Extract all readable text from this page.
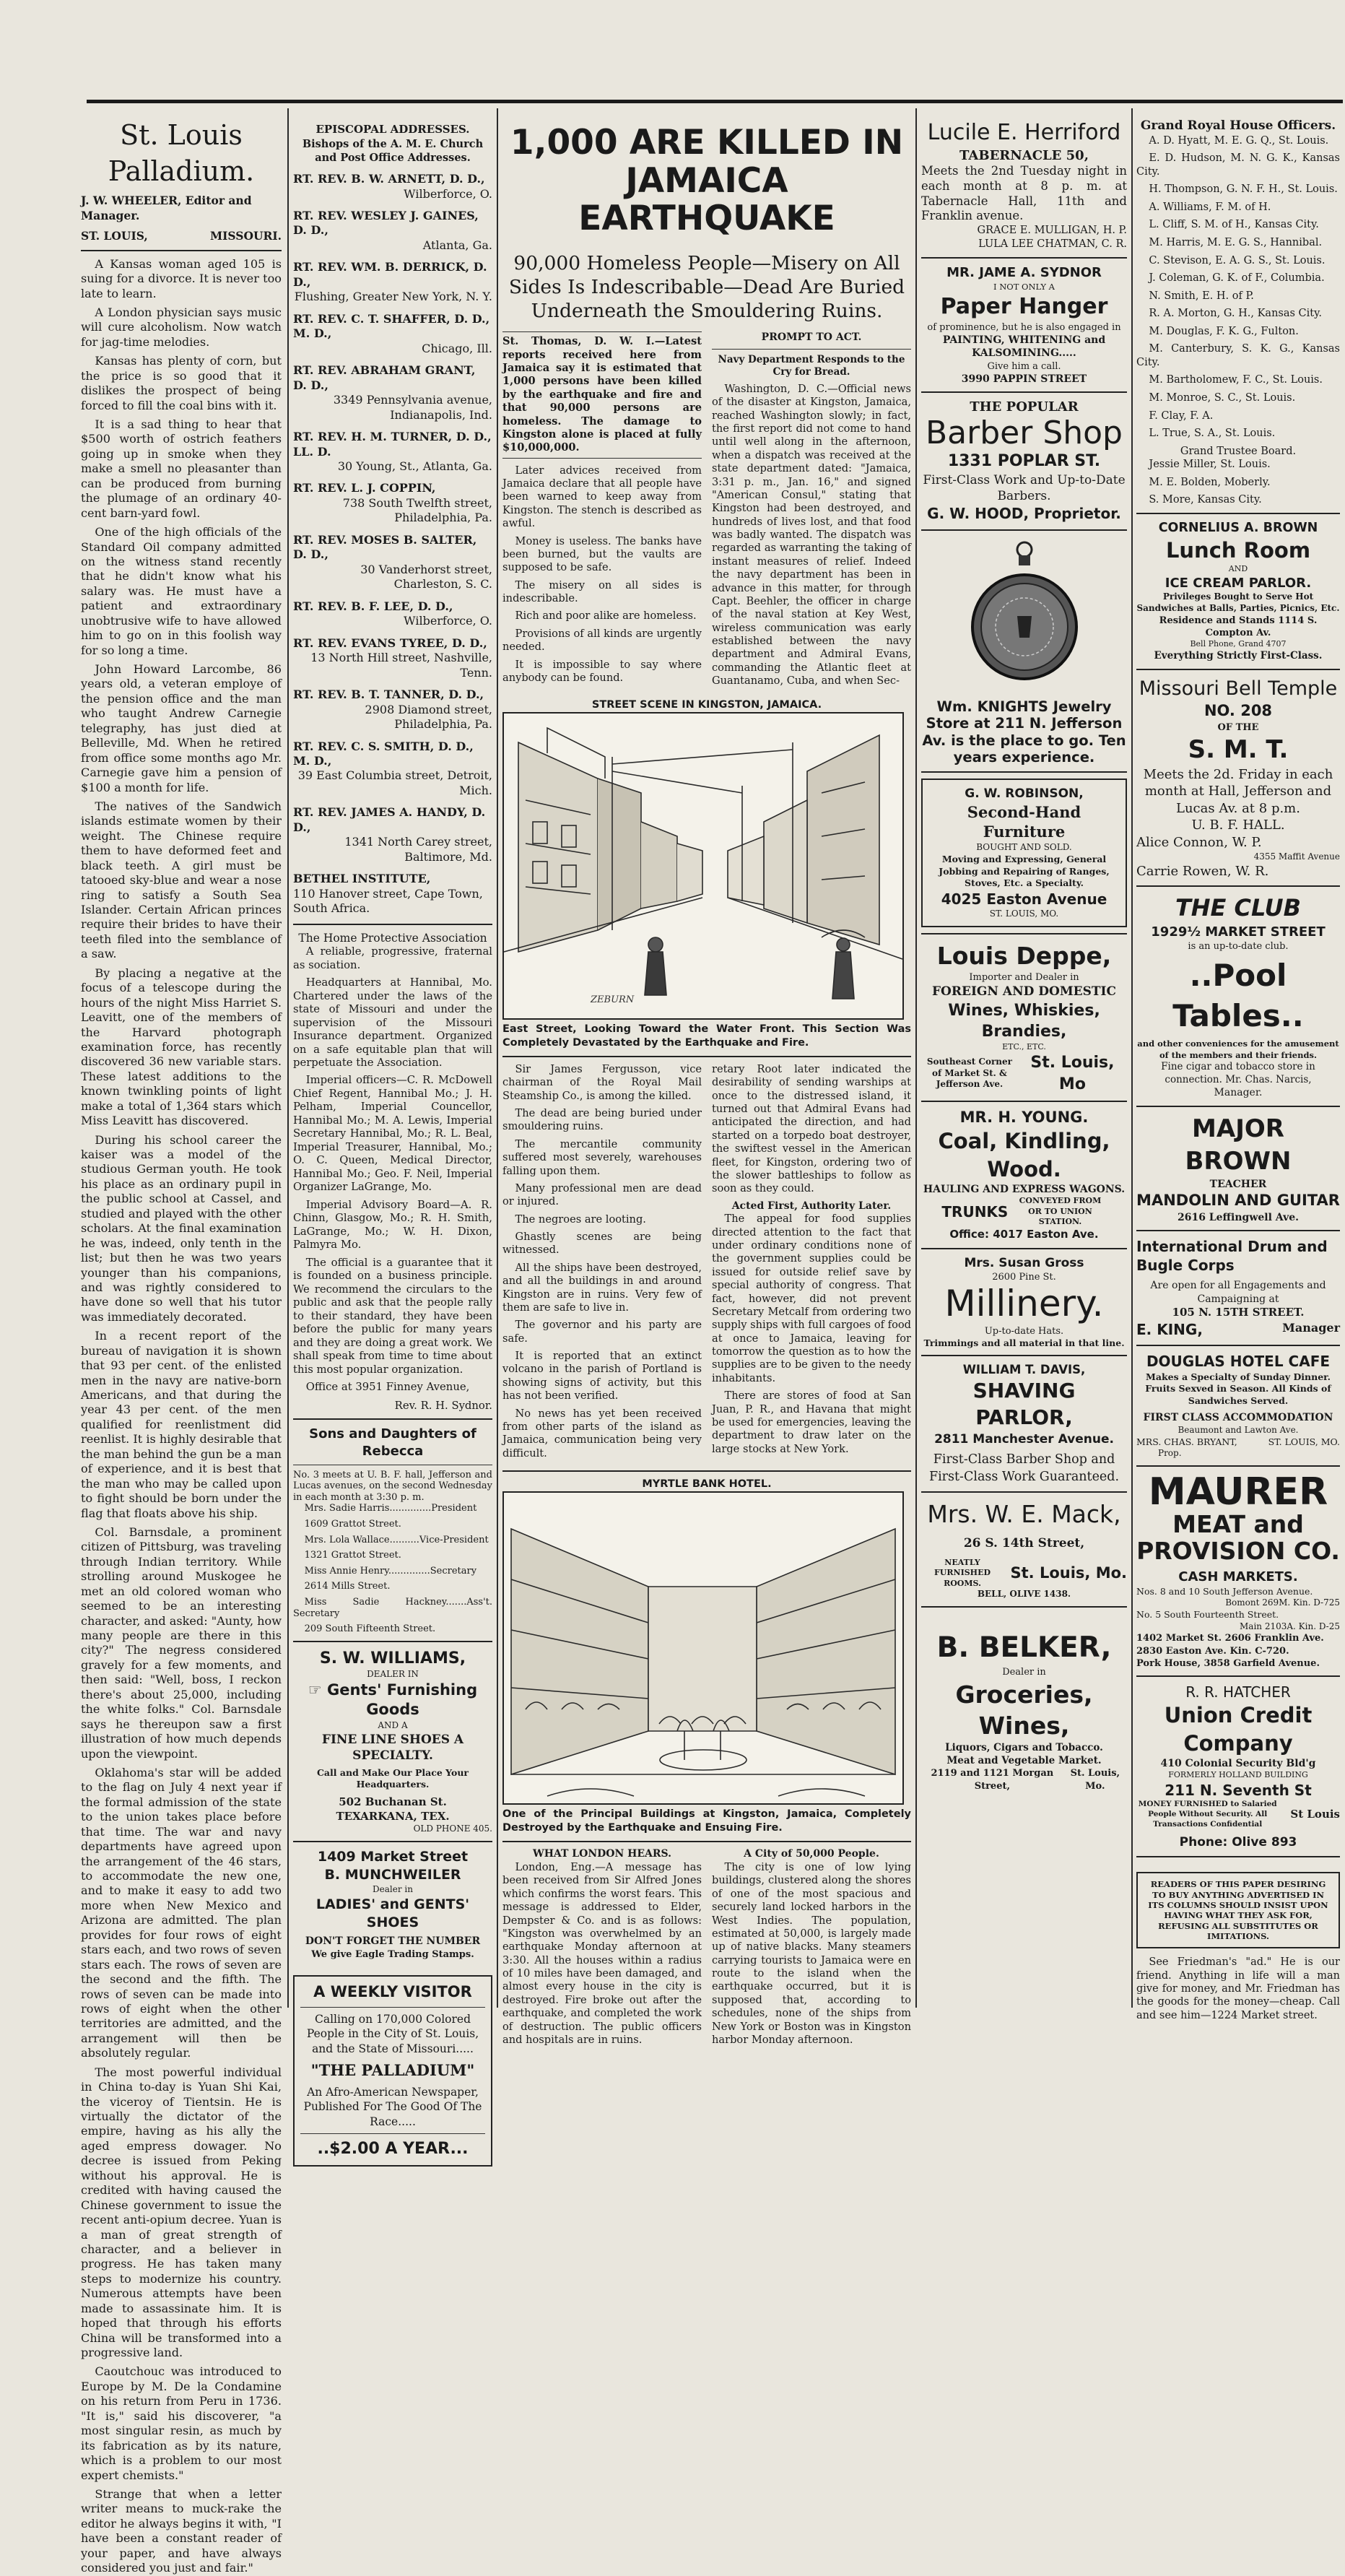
St. Louis Palladium.
J. W. WHEELER, Editor and Manager.
ST. LOUIS,	MISSOURI.
A Kansas woman aged 105 is suing for a divorce. It is never too late to learn.
A London physician says music will cure alcoholism. Now watch for jag-time melodies.
Kansas has plenty of corn, but the price is so good that it dislikes the prospect of being forced to fill the coal bins with it.
It is a sad thing to hear that $500 worth of ostrich feathers going up in smoke when they make a smell no pleasanter than can be produced from burning the plumage of an ordinary 40-cent barn-yard fowl.
One of the high officials of the Standard Oil company admitted on the witness stand recently that he didn't know what his salary was. He must have a patient and extraordinary unobtrusive wife to have allowed him to go on in this foolish way for so long a time.
John Howard Larcombe, 86 years old, a veteran employe of the pension office and the man who taught Andrew Carnegie telegraphy, has just died at Belleville, Md. When he retired from office some months ago Mr. Carnegie gave him a pension of $100 a month for life.
The natives of the Sandwich islands estimate women by their weight. The Chinese require them to have deformed feet and black teeth. A girl must be tatooed sky-blue and wear a nose ring to satisfy a South Sea Islander. Certain African princes require their brides to have their teeth filed into the semblance of a saw.
By placing a negative at the focus of a telescope during the hours of the night Miss Harriet S. Leavitt, one of the members of the Harvard photograph examination force, has recently discovered 36 new variable stars. These latest additions to the known twinkling points of light make a total of 1,364 stars which Miss Leavitt has discovered.
During his school career the kaiser was a model of the studious German youth. He took his place as an ordinary pupil in the public school at Cassel, and studied and played with the other scholars. At the final examination he was, indeed, only tenth in the list; but then he was two years younger than his companions, and was rightly considered to have done so well that his tutor was immediately decorated.
In a recent report of the bureau of navigation it is shown that 93 per cent. of the enlisted men in the navy are native-born Americans, and that during the year 43 per cent. of the men qualified for reenlistment did reenlist. It is highly desirable that the man behind the gun be a man of experience, and it is best that the man who may be called upon to fight should be born under the flag that floats above his ship.
Col. Barnsdale, a prominent citizen of Pittsburg, was traveling through Indian territory. While strolling around Muskogee he met an old colored woman who seemed to be an interesting character, and asked: "Aunty, how many people are there in this city?" The negress considered gravely for a few moments, and then said: "Well, boss, I reckon there's about 25,000, including the white folks." Col. Barnsdale says he thereupon saw a first illustration of how much depends upon the viewpoint.
Oklahoma's star will be added to the flag on July 4 next year if the formal admission of the state to the union takes place before that time. The war and navy departments have agreed upon the arrangement of the 46 stars, to accommodate the new one, and to make it easy to add two more when New Mexico and Arizona are admitted. The plan provides for four rows of eight stars each, and two rows of seven stars each. The rows of seven are the second and the fifth. The rows of seven can be made into rows of eight when the other territories are admitted, and the arrangement will then be absolutely regular.
The most powerful individual in China to-day is Yuan Shi Kai, the viceroy of Tientsin. He is virtually the dictator of the empire, having as his ally the aged empress dowager. No decree is issued from Peking without his approval. He is credited with having caused the Chinese government to issue the recent anti-opium decree. Yuan is a man of great strength of character, and a believer in progress. He has taken many steps to modernize his country. Numerous attempts have been made to assassinate him. It is hoped that through his efforts China will be transformed into a progressive land.
Caoutchouc was introduced to Europe by M. De la Condamine on his return from Peru in 1736. "It is," said his discoverer, "a most singular resin, as much by its fabrication as by its nature, which is a problem to our most expert chemists."
Strange that when a letter writer means to muck-rake the editor he always begins it with, "I have been a constant reader of your paper, and have always considered you just and fair."
EPISCOPAL ADDRESSES.
Bishops of the A. M. E. Church and Post Office Addresses.
RT. REV. B. W. ARNETT, D. D.,
Wilberforce, O.
RT. REV. WESLEY J. GAINES, D. D.,
Atlanta, Ga.
RT. REV. WM. B. DERRICK, D. D.,
Flushing, Greater New York, N. Y.
RT. REV. C. T. SHAFFER, D. D., M. D.,
Chicago, Ill.
RT. REV. ABRAHAM GRANT, D. D.,
3349 Pennsylvania avenue, Indianapolis, Ind.
RT. REV. H. M. TURNER, D. D., LL. D.
30 Young, St., Atlanta, Ga.
RT. REV. L. J. COPPIN,
738 South Twelfth street, Philadelphia, Pa.
RT. REV. MOSES B. SALTER, D. D.,
30 Vanderhorst street, Charleston, S. C.
RT. REV. B. F. LEE, D. D.,
Wilberforce, O.
RT. REV. EVANS TYREE, D. D.,
13 North Hill street, Nashville, Tenn.
RT. REV. B. T. TANNER, D. D.,
2908 Diamond street, Philadelphia, Pa.
RT. REV. C. S. SMITH, D. D., M. D.,
39 East Columbia street, Detroit, Mich.
RT. REV. JAMES A. HANDY, D. D.,
1341 North Carey street, Baltimore, Md.
BETHEL INSTITUTE,
110 Hanover street, Cape Town, South Africa.
The Home Protective Association
A reliable, progressive, fraternal as sociation.
Headquarters at Hannibal, Mo. Chartered under the laws of the state of Missouri and under the supervision of the Missouri Insurance department. Organized on a safe equitable plan that will perpetuate the Association.
Imperial officers—C. R. McDowell Chief Regent, Hannibal Mo.; J. H. Pelham, Imperial Councellor, Hannibal Mo.; M. A. Lewis, Imperial Secretary Hannibal, Mo.; R. L. Beal, Imperial Treasurer, Hannibal, Mo.; O. C. Queen, Medical Director, Hannibal Mo.; Geo. F. Neil, Imperial Organizer LaGrange, Mo.
Imperial Advisory Board—A. R. Chinn, Glasgow, Mo.; R. H. Smith, LaGrange, Mo.; W. H. Dixon, Palmyra Mo.
The official is a guarantee that it is founded on a business principle. We recommend the circulars to the public and ask that the people rally to their standard, they have been before the public for many years and they are doing a great work. We shall speak from time to time about this most popular organization.
Office at 3951 Finney Avenue,
Rev. R. H. Sydnor.
Sons and Daughters of Rebecca
No. 3 meets at U. B. F. hall, Jefferson and Lucas avenues, on the second Wednesday in each month at 3:30 p. m.
Mrs. Sadie Harris..............President
1609 Grattot Street.
Mrs. Lola Wallace..........Vice-President
1321 Grattot Street.
Miss Annie Henry..............Secretary
2614 Mills Street.
Miss Sadie Hackney.......Ass't. Secretary
209 South Fifteenth Street.
S. W. WILLIAMS,
DEALER IN
☞ Gents' Furnishing Goods
AND A
FINE LINE SHOES A SPECIALTY.
Call and Make Our Place Your Headquarters.
502 Buchanan St.
TEXARKANA, TEX.
OLD PHONE 405.
1409 Market Street
B. MUNCHWEILER
Dealer in
LADIES' and GENTS' SHOES
DON'T FORGET THE NUMBER
We give Eagle Trading Stamps.
A WEEKLY VISITOR
Calling on 170,000 Colored People in the City of St. Louis, and the State of Missouri.....
"THE PALLADIUM"
An Afro-American Newspaper, Published For The Good Of The Race.....
..$2.00 A YEAR...
1,000 ARE KILLED IN JAMAICA EARTHQUAKE
90,000 Homeless People—Misery on All Sides Is Indescribable—Dead Are Buried Underneath the Smouldering Ruins.
St. Thomas, D. W. I.—Latest reports received here from Jamaica say it is estimated that 1,000 persons have been killed by the earthquake and fire and that 90,000 persons are homeless. The damage to Kingston alone is placed at fully $10,000,000.
Later advices received from Jamaica declare that all people have been warned to keep away from Kingston. The stench is described as awful.
Money is useless. The banks have been burned, but the vaults are supposed to be safe.
The misery on all sides is indescribable.
Rich and poor alike are homeless.
Provisions of all kinds are urgently needed.
It is impossible to say where anybody can be found.
PROMPT TO ACT.
Navy Department Responds to the Cry for Bread.
Washington, D. C.—Official news of the disaster at Kingston, Jamaica, reached Washington slowly; in fact, the first report did not come to hand until well along in the afternoon, when a dispatch was received at the state department dated: "Jamaica, 3:31 p. m., Jan. 16," and signed "American Consul," stating that Kingston had been destroyed, and hundreds of lives lost, and that food was badly wanted. The dispatch was regarded as warranting the taking of instant measures of relief. Indeed the navy department has been in advance in this matter, for through Capt. Beehler, the officer in charge of the naval station at Key West, wireless communication was early established between the navy department and Admiral Evans, commanding the Atlantic fleet at Guantanamo, Cuba, and when Sec-
STREET SCENE IN KINGSTON, JAMAICA.
ZEBURN
East Street, Looking Toward the Water Front. This Section Was Completely Devastated by the Earthquake and Fire.
Sir James Fergusson, vice chairman of the Royal Mail Steamship Co., is among the killed.
The dead are being buried under smouldering ruins.
The mercantile community suffered most severely, warehouses falling upon them.
Many professional men are dead or injured.
The negroes are looting.
Ghastly scenes are being witnessed.
All the ships have been destroyed, and all the buildings in and around Kingston are in ruins. Very few of them are safe to live in.
The governor and his party are safe.
It is reported that an extinct volcano in the parish of Portland is showing signs of activity, but this has not been verified.
No news has yet been received from other parts of the island as Jamaica, communication being very difficult.
retary Root later indicated the desirability of sending warships at once to the distressed island, it turned out that Admiral Evans had anticipated the direction, and had started on a torpedo boat destroyer, the swiftest vessel in the American fleet, for Kingston, ordering two of the slower battleships to follow as soon as they could.
Acted First, Authority Later.
The appeal for food supplies directed attention to the fact that under ordinary conditions none of the government supplies could be issued for outside relief save by special authority of congress. That fact, however, did not prevent Secretary Metcalf from ordering two supply ships with full cargoes of food at once to Jamaica, leaving for tomorrow the question as to how the supplies are to be given to the needy inhabitants.
There are stores of food at San Juan, P. R., and Havana that might be used for emergencies, leaving the department to draw later on the large stocks at New York.
MYRTLE BANK HOTEL.
One of the Principal Buildings at Kingston, Jamaica, Completely Destroyed by the Earthquake and Ensuing Fire.
WHAT LONDON HEARS.
London, Eng.—A message has been received from Sir Alfred Jones which confirms the worst fears. This message is addressed to Elder, Dempster & Co. and is as follows: "Kingston was overwhelmed by an earthquake Monday afternoon at 3:30. All the houses within a radius of 10 miles have been damaged, and almost every house in the city is destroyed. Fire broke out after the earthquake, and completed the work of destruction. The public officers and hospitals are in ruins.
A City of 50,000 People.
The city is one of low lying buildings, clustered along the shores of one of the most spacious and securely land locked harbors in the West Indies. The population, estimated at 50,000, is largely made up of native blacks. Many steamers carrying tourists to Jamaica were en route to the island when the earthquake occurred, but it is supposed that, according to schedules, none of the ships from New York or Boston was in Kingston harbor Monday afternoon.
Lucile E. Herriford
TABERNACLE 50,
Meets the 2nd Tuesday night in each month at 8 p. m. at Tabernacle Hall, 11th and Franklin avenue.
GRACE E. MULLIGAN, H. P.
LULA LEE CHATMAN, C. R.
MR. JAME A. SYDNOR
I NOT ONLY A
Paper Hanger
of prominence, but he is also engaged in
PAINTING, WHITENING and KALSOMINING.....
Give him a call.
3990 PAPPIN STREET
THE POPULAR
Barber Shop
1331 POPLAR ST.
First-Class Work and Up-to-Date Barbers.
G. W. HOOD, Proprietor.
Wm. KNIGHTS Jewelry Store at 211 N. Jefferson Av. is the place to go. Ten years experience.
G. W. ROBINSON,
Second-Hand Furniture
BOUGHT AND SOLD.
Moving and Expressing, General Jobbing and Repairing of Ranges, Stoves, Etc. a Specialty.
4025 Easton Avenue
ST. LOUIS, MO.
Louis Deppe,
Importer and Dealer in
FOREIGN AND DOMESTIC
Wines, Whiskies, Brandies,
ETC., ETC.
Southeast Corner of Market St. & Jefferson Ave.
St. Louis, Mo
MR. H. YOUNG.
Coal, Kindling, Wood.
HAULING AND EXPRESS WAGONS.
TRUNKS
CONVEYED FROM OR TO UNION STATION.
Office: 4017 Easton Ave.
Mrs. Susan Gross
2600 Pine St.
Millinery.
Up-to-date Hats.
Trimmings and all material in that line.
WILLIAM T. DAVIS,
SHAVING PARLOR,
2811 Manchester Avenue.
First-Class Barber Shop and
First-Class Work Guaranteed.
Mrs. W. E. Mack,
26 S. 14th Street,
NEATLY FURNISHED ROOMS.
St. Louis, Mo.
BELL, OLIVE 1438.
B. BELKER,
Dealer in
Groceries, Wines,
Liquors, Cigars and Tobacco.
Meat and Vegetable Market.
2119 and 1121 Morgan Street,
St. Louis, Mo.
Grand Royal House Officers.
A. D. Hyatt, M. E. G. Q., St. Louis.
E. D. Hudson, M. N. G. K., Kansas City.
H. Thompson, G. N. F. H., St. Louis.
A. Williams, F. M. of H.
L. Cliff, S. M. of H., Kansas City.
M. Harris, M. E. G. S., Hannibal.
C. Stevison, E. A. G. S., St. Louis.
J. Coleman, G. K. of F., Columbia.
N. Smith, E. H. of P.
R. A. Morton, G. H., Kansas City.
M. Douglas, F. K. G., Fulton.
M. Canterbury, S. K. G., Kansas City.
M. Bartholomew, F. C., St. Louis.
M. Monroe, S. C., St. Louis.
F. Clay, F. A.
L. True, S. A., St. Louis.
Grand Trustee Board.
Jessie Miller, St. Louis.
M. E. Bolden, Moberly.
S. More, Kansas City.
CORNELIUS A. BROWN
Lunch Room
AND
ICE CREAM PARLOR.
Privileges Bought to Serve Hot Sandwiches at Balls, Parties, Picnics, Etc.
Residence and Stands 1114 S. Compton Av.
Bell Phone, Grand 4707
Everything Strictly First-Class.
Missouri Bell Temple
NO. 208
OF THE
S. M. T.
Meets the 2d. Friday in each month at Hall, Jefferson and Lucas Av. at 8 p.m.
U. B. F. HALL.
Alice Connon, W. P.
4355 Maffit Avenue
Carrie Rowen, W. R.
THE CLUB
1929½ MARKET STREET
is an up-to-date club.
..Pool Tables..
and other conveniences for the amusement of the members and their friends.
Fine cigar and tobacco store in connection. Mr. Chas. Narcis,
Manager.
MAJOR BROWN
TEACHER
MANDOLIN AND GUITAR
2616 Leffingwell Ave.
International Drum and Bugle Corps
Are open for all Engagements and Campaigning at
105 N. 15TH STREET.
E. KING,	Manager
DOUGLAS HOTEL CAFE
Makes a Specialty of Sunday Dinner. Fruits Sexved in Season. All Kinds of Sandwiches Served.
FIRST CLASS ACCOMMODATION
Beaumont and Lawton Ave.
MRS. CHAS. BRYANT,	ST. LOUIS, MO.
Prop.
MAURER
MEAT and
PROVISION CO.
CASH MARKETS.
Nos. 8 and 10 South Jefferson Avenue.
Bomont 269M. Kin. D-725
No. 5 South Fourteenth Street.
Main 2103A. Kin. D-25
1402 Market St. 2606 Franklin Ave.
2830 Easton Ave. Kin. C-720.
Pork House, 3858 Garfield Avenue.
R. R. HATCHER
Union Credit Company
410 Colonial Security Bld'g
FORMERLY HOLLAND BUILDING
211 N. Seventh St
MONEY FURNISHED to Salaried People Without Security. All Transactions Confidential
St Louis
Phone: Olive 893
READERS OF THIS PAPER DESIRING TO BUY ANYTHING ADVERTISED IN ITS COLUMNS SHOULD INSIST UPON HAVING WHAT THEY ASK FOR, REFUSING ALL SUBSTITUTES OR IMITATIONS.
See Friedman's "ad." He is our friend. Anything in life will a man give for money, and Mr. Friedman has the goods for the money—cheap. Call and see him—1224 Market street.
